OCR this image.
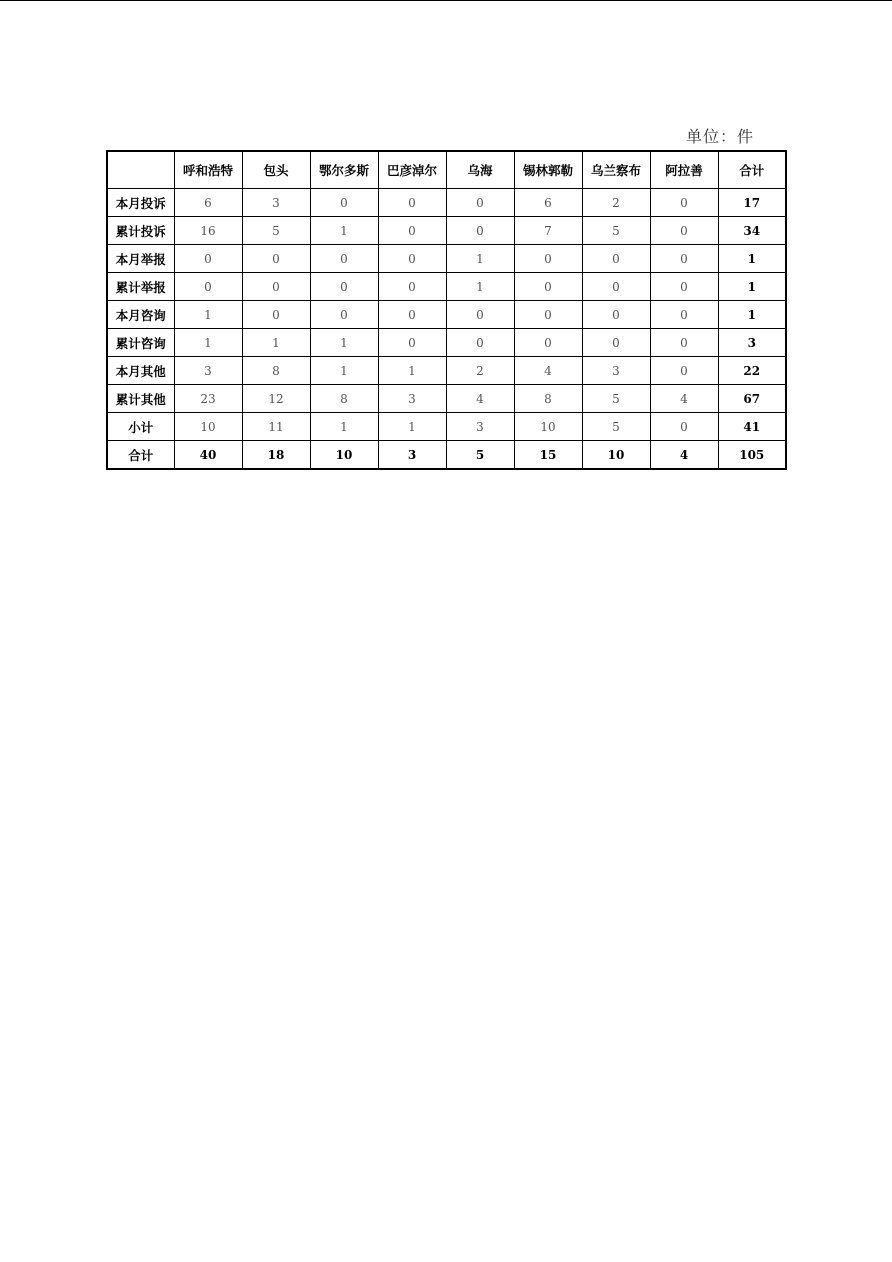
单位：件
	呼和浩特	包头	鄂尔多斯	巴彦淖尔	乌海	锡林郭勒	乌兰察布	阿拉善	合计
本月投诉	6	3	0	0	0	6	2	0	17
累计投诉	16	5	1	0	0	7	5	0	34
本月举报	0	0	0	0	1	0	0	0	1
累计举报	0	0	0	0	1	0	0	0	1
本月咨询	1	0	0	0	0	0	0	0	1
累计咨询	1	1	1	0	0	0	0	0	3
本月其他	3	8	1	1	2	4	3	0	22
累计其他	23	12	8	3	4	8	5	4	67
小计	10	11	1	1	3	10	5	0	41
合计	40	18	10	3	5	15	10	4	105
